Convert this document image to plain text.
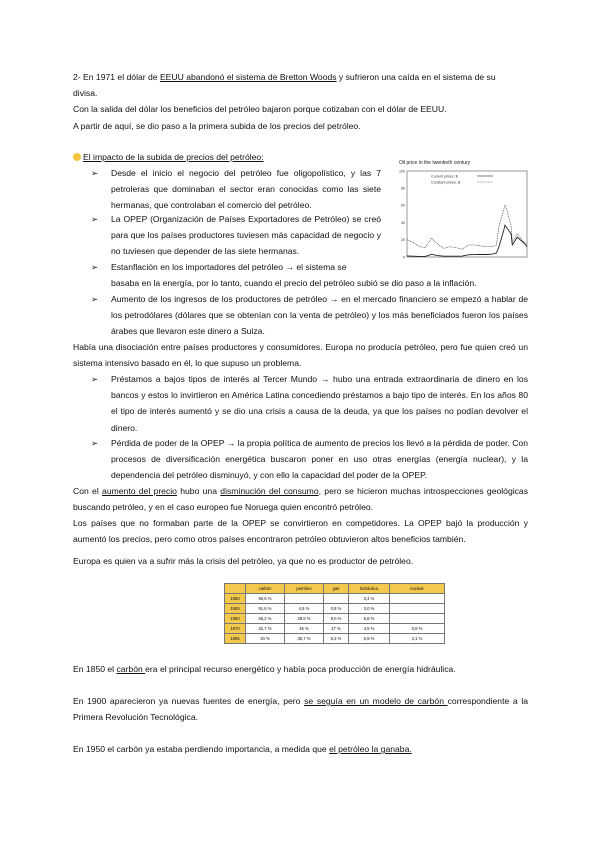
2- En 1971 el dólar de EEUU abandonó el sistema de Bretton Woods y sufrieron una caída en el sistema de su
divisa.
Con la salida del dólar los beneficios del petróleo bajaron porque cotizaban con el dólar de EEUU.
A partir de aquí, se dio paso a la primera subida de los precios del petróleo.
El impacto de la subida de precios del petróleo:
➢	Desde el inicio el negocio del petróleo fue oligopolístico, y las 7 petroleras que dominaban el sector eran conocidas como las siete hermanas, que controlaban el comercio del petróleo.
➢	La OPEP (Organización de Países Exportadores de Petróleo) se creó para que los países productores tuviesen más capacidad de negocio y no tuviesen que depender de las siete hermanas.
➢	Estanflación en los importadores del petróleo → el sistema se
basaba en la energía, por lo tanto, cuando el precio del petróleo subió se dio paso a la inflación.
Oil price in the twentieth century
Current prices, $
Constant prices, $
100
80
60
40
20
0
➢	Aumento de los ingresos de los productores de petróleo → en el mercado financiero se empezó a hablar de los petrodólares (dólares que se obtenían con la venta de petróleo) y los más beneficiados fueron los países árabes que llevaron este dinero a Suiza.
Había una disociación entre países productores y consumidores. Europa no producía petróleo, pero fue quien creó un sistema intensivo basado en él, lo que supuso un problema.
➢	Préstamos a bajos tipos de interés al Tercer Mundo → hubo una entrada extraordinaria de dinero en los bancos y estos lo invirtieron en América Latina concediendo préstamos a bajo tipo de interés. En los años 80 el tipo de interés aumentó y se dio una crisis a causa de la deuda, ya que los países no podían devolver el dinero.
➢	Pérdida de poder de la OPEP → la propia política de aumento de precios los llevó a la pérdida de poder. Con procesos de diversificación energética buscaron poner en uso otras energías (energía nuclear), y la dependencia del petróleo disminuyó, y con ello la capacidad del poder de la OPEP.
Con el aumento del precio hubo una disminución del consumo, pero se hicieron muchas introspecciones geológicas buscando petróleo, y en el caso europeo fue Noruega quien encontró petróleo.
Los países que no formaban parte de la OPEP se convirtieron en competidores. La OPEP bajó la producción y aumentó los precios, pero como otros países encontraron petróleo obtuvieron altos beneficios también.
Europa es quien va a sufrir más la crisis del petróleo, ya que no es productor de petróleo.
	carbón	petróleo	gas	hidráulica	nuclear
1850	96,6 %			3,4 %	
1900	91,6 %	4,6 %	0,8 %	3,0 %	
1950	55,2 %	28,9 %	9,0 %	6,8 %	
1970	32,7 %	45 %	17 %	4,5 %	0,8 %
1985	34 %	35,7 %	9,3 %	6,9 %	4,1 %
En 1850 el carbón era el principal recurso energético y había poca producción de energía hidráulica.
En 1900 aparecieron ya nuevas fuentes de energía, pero se seguía en un modelo de carbón correspondiente a la Primera Revolución Tecnológica.
En 1950 el carbón ya estaba perdiendo importancia, a medida que el petróleo la ganaba.
